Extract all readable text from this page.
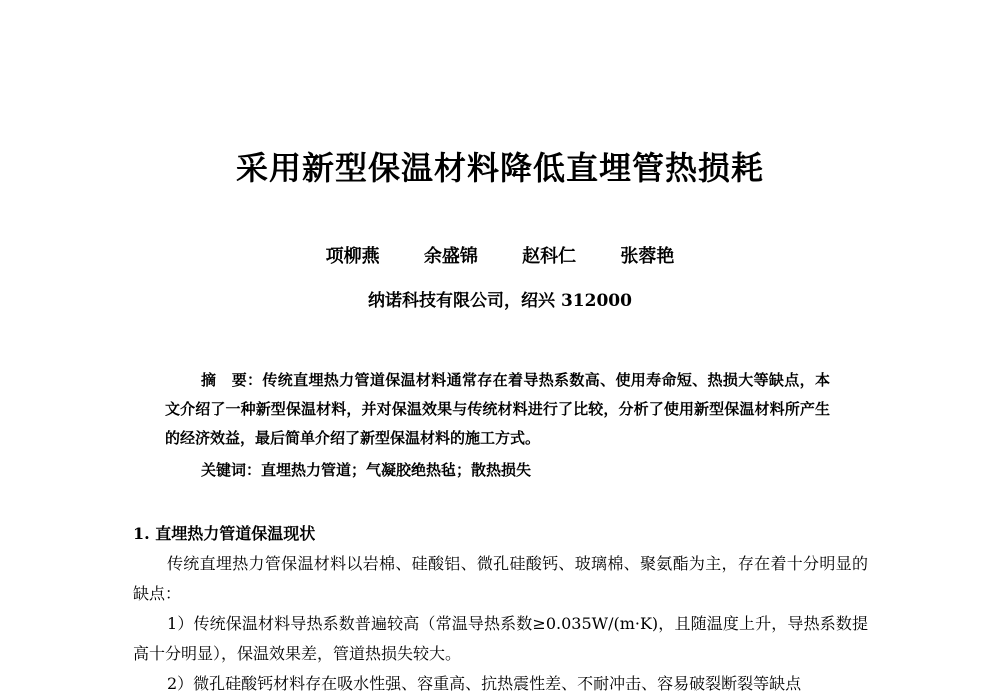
采用新型保温材料降低直埋管热损耗
项柳燕 余盛锦 赵科仁 张蓉艳
纳诺科技有限公司，绍兴 312000

摘　要：传统直埋热力管道保温材料通常存在着导热系数高、使用寿命短、热损大等缺点，本文介绍了一种新型保温材料，并对保温效果与传统材料进行了比较，分析了使用新型保温材料所产生的经济效益，最后简单介绍了新型保温材料的施工方式。

关键词：直埋热力管道；气凝胶绝热毡；散热损失
1. 直埋热力管道保温现状

传统直埋热力管保温材料以岩棉、硅酸铝、微孔硅酸钙、玻璃棉、聚氨酯为主，存在着十分明显的缺点：

1）传统保温材料导热系数普遍较高（常温导热系数≥0.035W/(m·K)，且随温度上升，导热系数提高十分明显），保温效果差，管道热损失较大。

2）微孔硅酸钙材料存在吸水性强、容重高、抗热震性差、不耐冲击、容易破裂断裂等缺点
